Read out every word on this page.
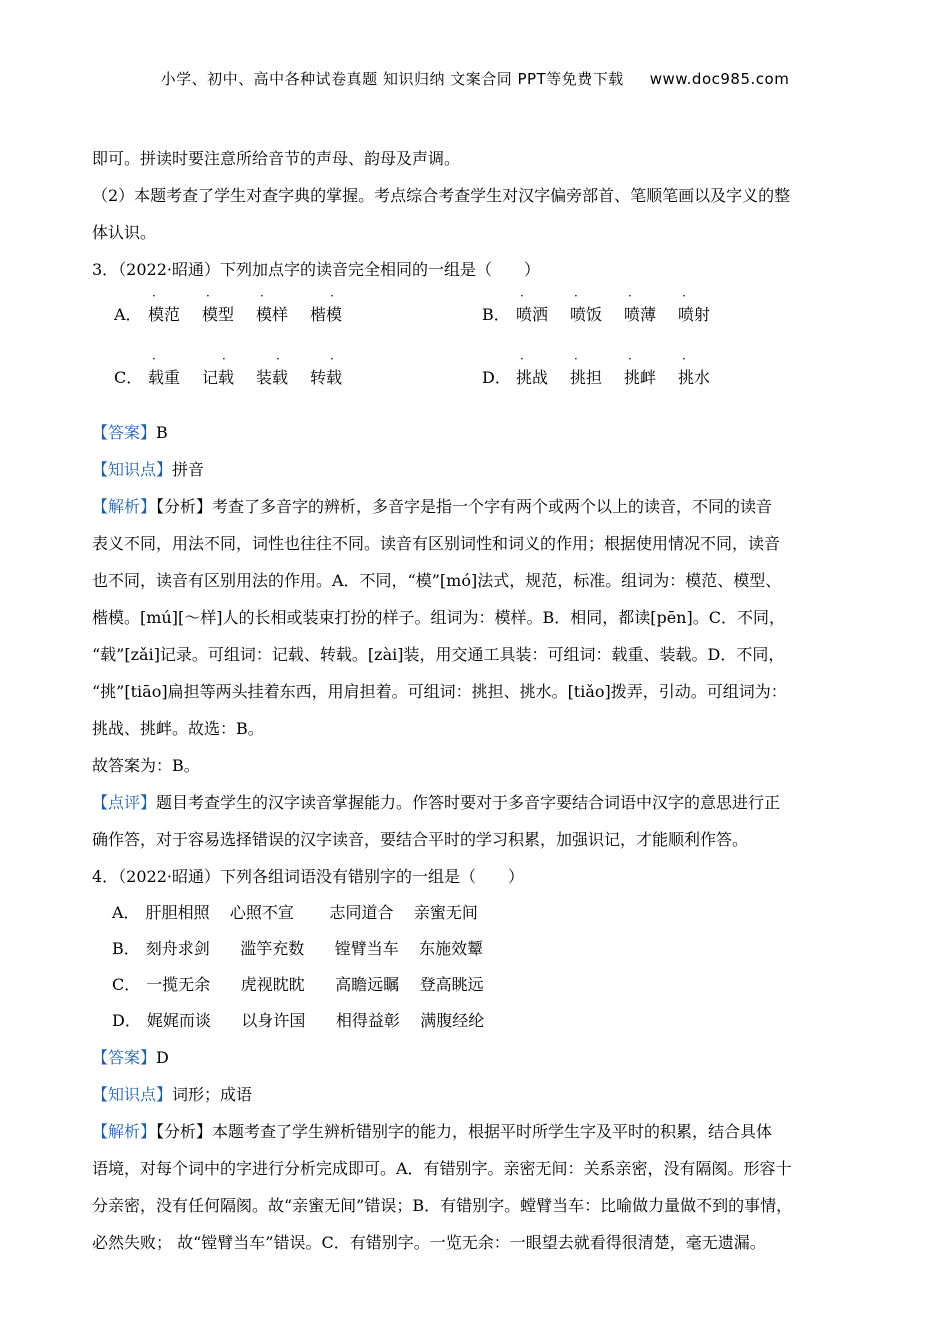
小学、初中、高中各种试卷真题 知识归纳 文案合同 PPT等免费下载 www.doc985.com
即可。拼读时要注意所给音节的声母、韵母及声调。
（2）本题考查了学生对查字典的掌握。考点综合考查学生对汉字偏旁部首、笔顺笔画以及字义的整
体认识。
3．（2022·昭通）下列加点字的读音完全相同的一组是（　　）
A．
·
模范
·
模型
·
模样
·
楷模	B．
·
喷洒
·
喷饭
·
喷薄
·
喷射
C．
·
载重
·
记载
·
装载
·
转载	D．
·
挑战
·
挑担
·
挑衅
·
挑水
【答案】B
【知识点】拼音
【解析】【分析】考查了多音字的辨析，多音字是指一个字有两个或两个以上的读音，不同的读音
表义不同，用法不同，词性也往往不同。读音有区别词性和词义的作用；根据使用情况不同，读音
也不同，读音有区别用法的作用。A．不同，“模”[mó]法式，规范，标准。组词为：模范、模型、
楷模。[mú][～样]人的长相或装束打扮的样子。组词为：模样。B．相同，都读[pēn]。C．不同，
“载”[zǎi]记录。可组词：记载、转载。[zài]装，用交通工具装：可组词：载重、装载。D．不同，
“挑”[tiāo]扁担等两头挂着东西，用肩担着。可组词：挑担、挑水。[tiǎo]拨弄，引动。可组词为：
挑战、挑衅。故选：B。
故答案为：B。
【点评】题目考查学生的汉字读音掌握能力。作答时要对于多音字要结合词语中汉字的意思进行正
确作答，对于容易选择错误的汉字读音，要结合平时的学习积累，加强识记，才能顺利作答。
4．（2022·昭通）下列各组词语没有错别字的一组是（　　）
A． 肝胆相照    心照不宣       志同道合    亲蜜无间
B． 刻舟求剑      滥竽充数      镗臂当车    东施效颦
C． 一揽无余      虎视眈眈      高瞻远瞩    登高眺远
D． 娓娓而谈      以身许国      相得益彰    满腹经纶
【答案】D
【知识点】词形；成语
【解析】【分析】本题考查了学生辨析错别字的能力，根据平时所学生字及平时的积累，结合具体
语境，对每个词中的字进行分析完成即可。A．有错别字。亲密无间：关系亲密，没有隔阂。形容十
分亲密，没有任何隔阂。故“亲蜜无间”错误；B．有错别字。螳臂当车：比喻做力量做不到的事情，
必然失败； 故“镗臂当车”错误。C．有错别字。一览无余：一眼望去就看得很清楚，毫无遗漏。
